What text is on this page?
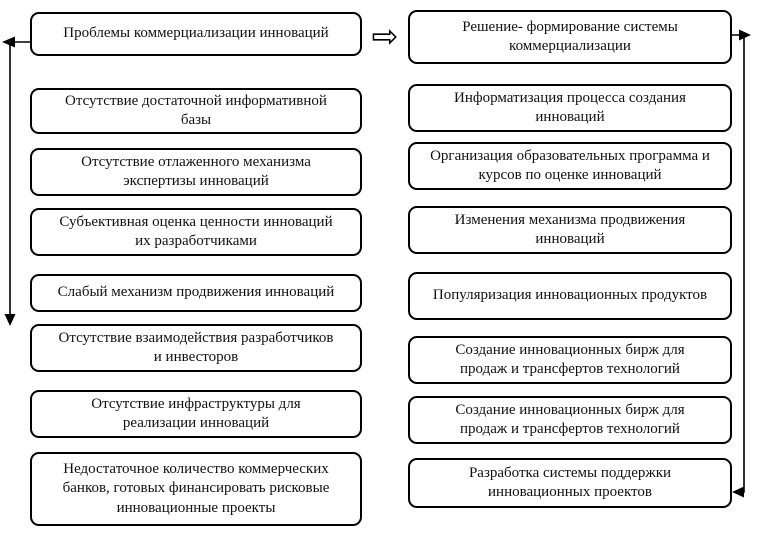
⇨
Проблемы коммерциализации инноваций
Отсутствие достаточной информативной базы
Отсутствие отлаженного механизма экспертизы инноваций
Субъективная оценка ценности инноваций их разработчиками
Слабый механизм продвижения инноваций
Отсутствие взаимодействия разработчиков и инвесторов
Отсутствие инфраструктуры для реализации инноваций
Недостаточное количество коммерческих банков, готовых финансировать рисковые инновационные проекты
Решение- формирование системы коммерциализации
Информатизация процесса создания инноваций
Организация образовательных программа и курсов по оценке инноваций
Изменения механизма продвижения инноваций
Популяризация инновационных продуктов
Создание инновационных бирж для продаж и трансфертов технологий
Создание инновационных бирж для продаж и трансфертов технологий
Разработка системы поддержки инновационных проектов
